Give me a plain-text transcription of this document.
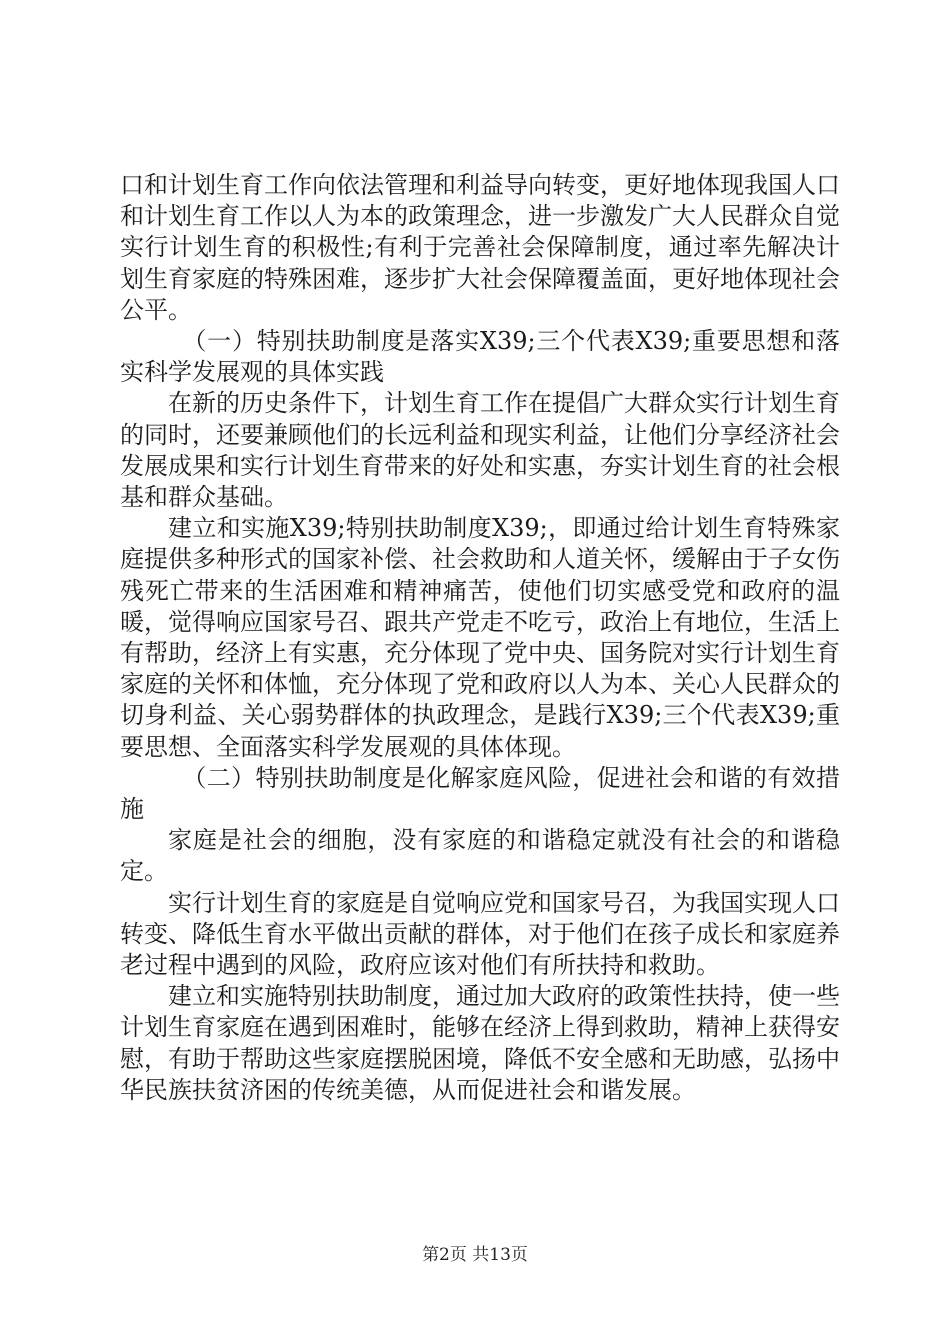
口和计划生育工作向依法管理和利益导向转变，更好地体现我国人口和计划生育工作以人为本的政策理念，进一步激发广大人民群众自觉实行计划生育的积极性;有利于完善社会保障制度，通过率先解决计划生育家庭的特殊困难，逐步扩大社会保障覆盖面，更好地体现社会公平。

（一）特别扶助制度是落实X39;三个代表X39;重要思想和落实科学发展观的具体实践

在新的历史条件下，计划生育工作在提倡广大群众实行计划生育的同时，还要兼顾他们的长远利益和现实利益，让他们分享经济社会发展成果和实行计划生育带来的好处和实惠，夯实计划生育的社会根基和群众基础。

建立和实施X39;特别扶助制度X39;，即通过给计划生育特殊家庭提供多种形式的国家补偿、社会救助和人道关怀，缓解由于子女伤残死亡带来的生活困难和精神痛苦，使他们切实感受党和政府的温暖，觉得响应国家号召、跟共产党走不吃亏，政治上有地位，生活上有帮助，经济上有实惠，充分体现了党中央、国务院对实行计划生育家庭的关怀和体恤，充分体现了党和政府以人为本、关心人民群众的切身利益、关心弱势群体的执政理念，是践行X39;三个代表X39;重要思想、全面落实科学发展观的具体体现。

（二）特别扶助制度是化解家庭风险，促进社会和谐的有效措施

家庭是社会的细胞，没有家庭的和谐稳定就没有社会的和谐稳定。

实行计划生育的家庭是自觉响应党和国家号召，为我国实现人口转变、降低生育水平做出贡献的群体，对于他们在孩子成长和家庭养老过程中遇到的风险，政府应该对他们有所扶持和救助。

建立和实施特别扶助制度，通过加大政府的政策性扶持，使一些计划生育家庭在遇到困难时，能够在经济上得到救助，精神上获得安慰，有助于帮助这些家庭摆脱困境，降低不安全感和无助感，弘扬中华民族扶贫济困的传统美德，从而促进社会和谐发展。

第2页 共13页
